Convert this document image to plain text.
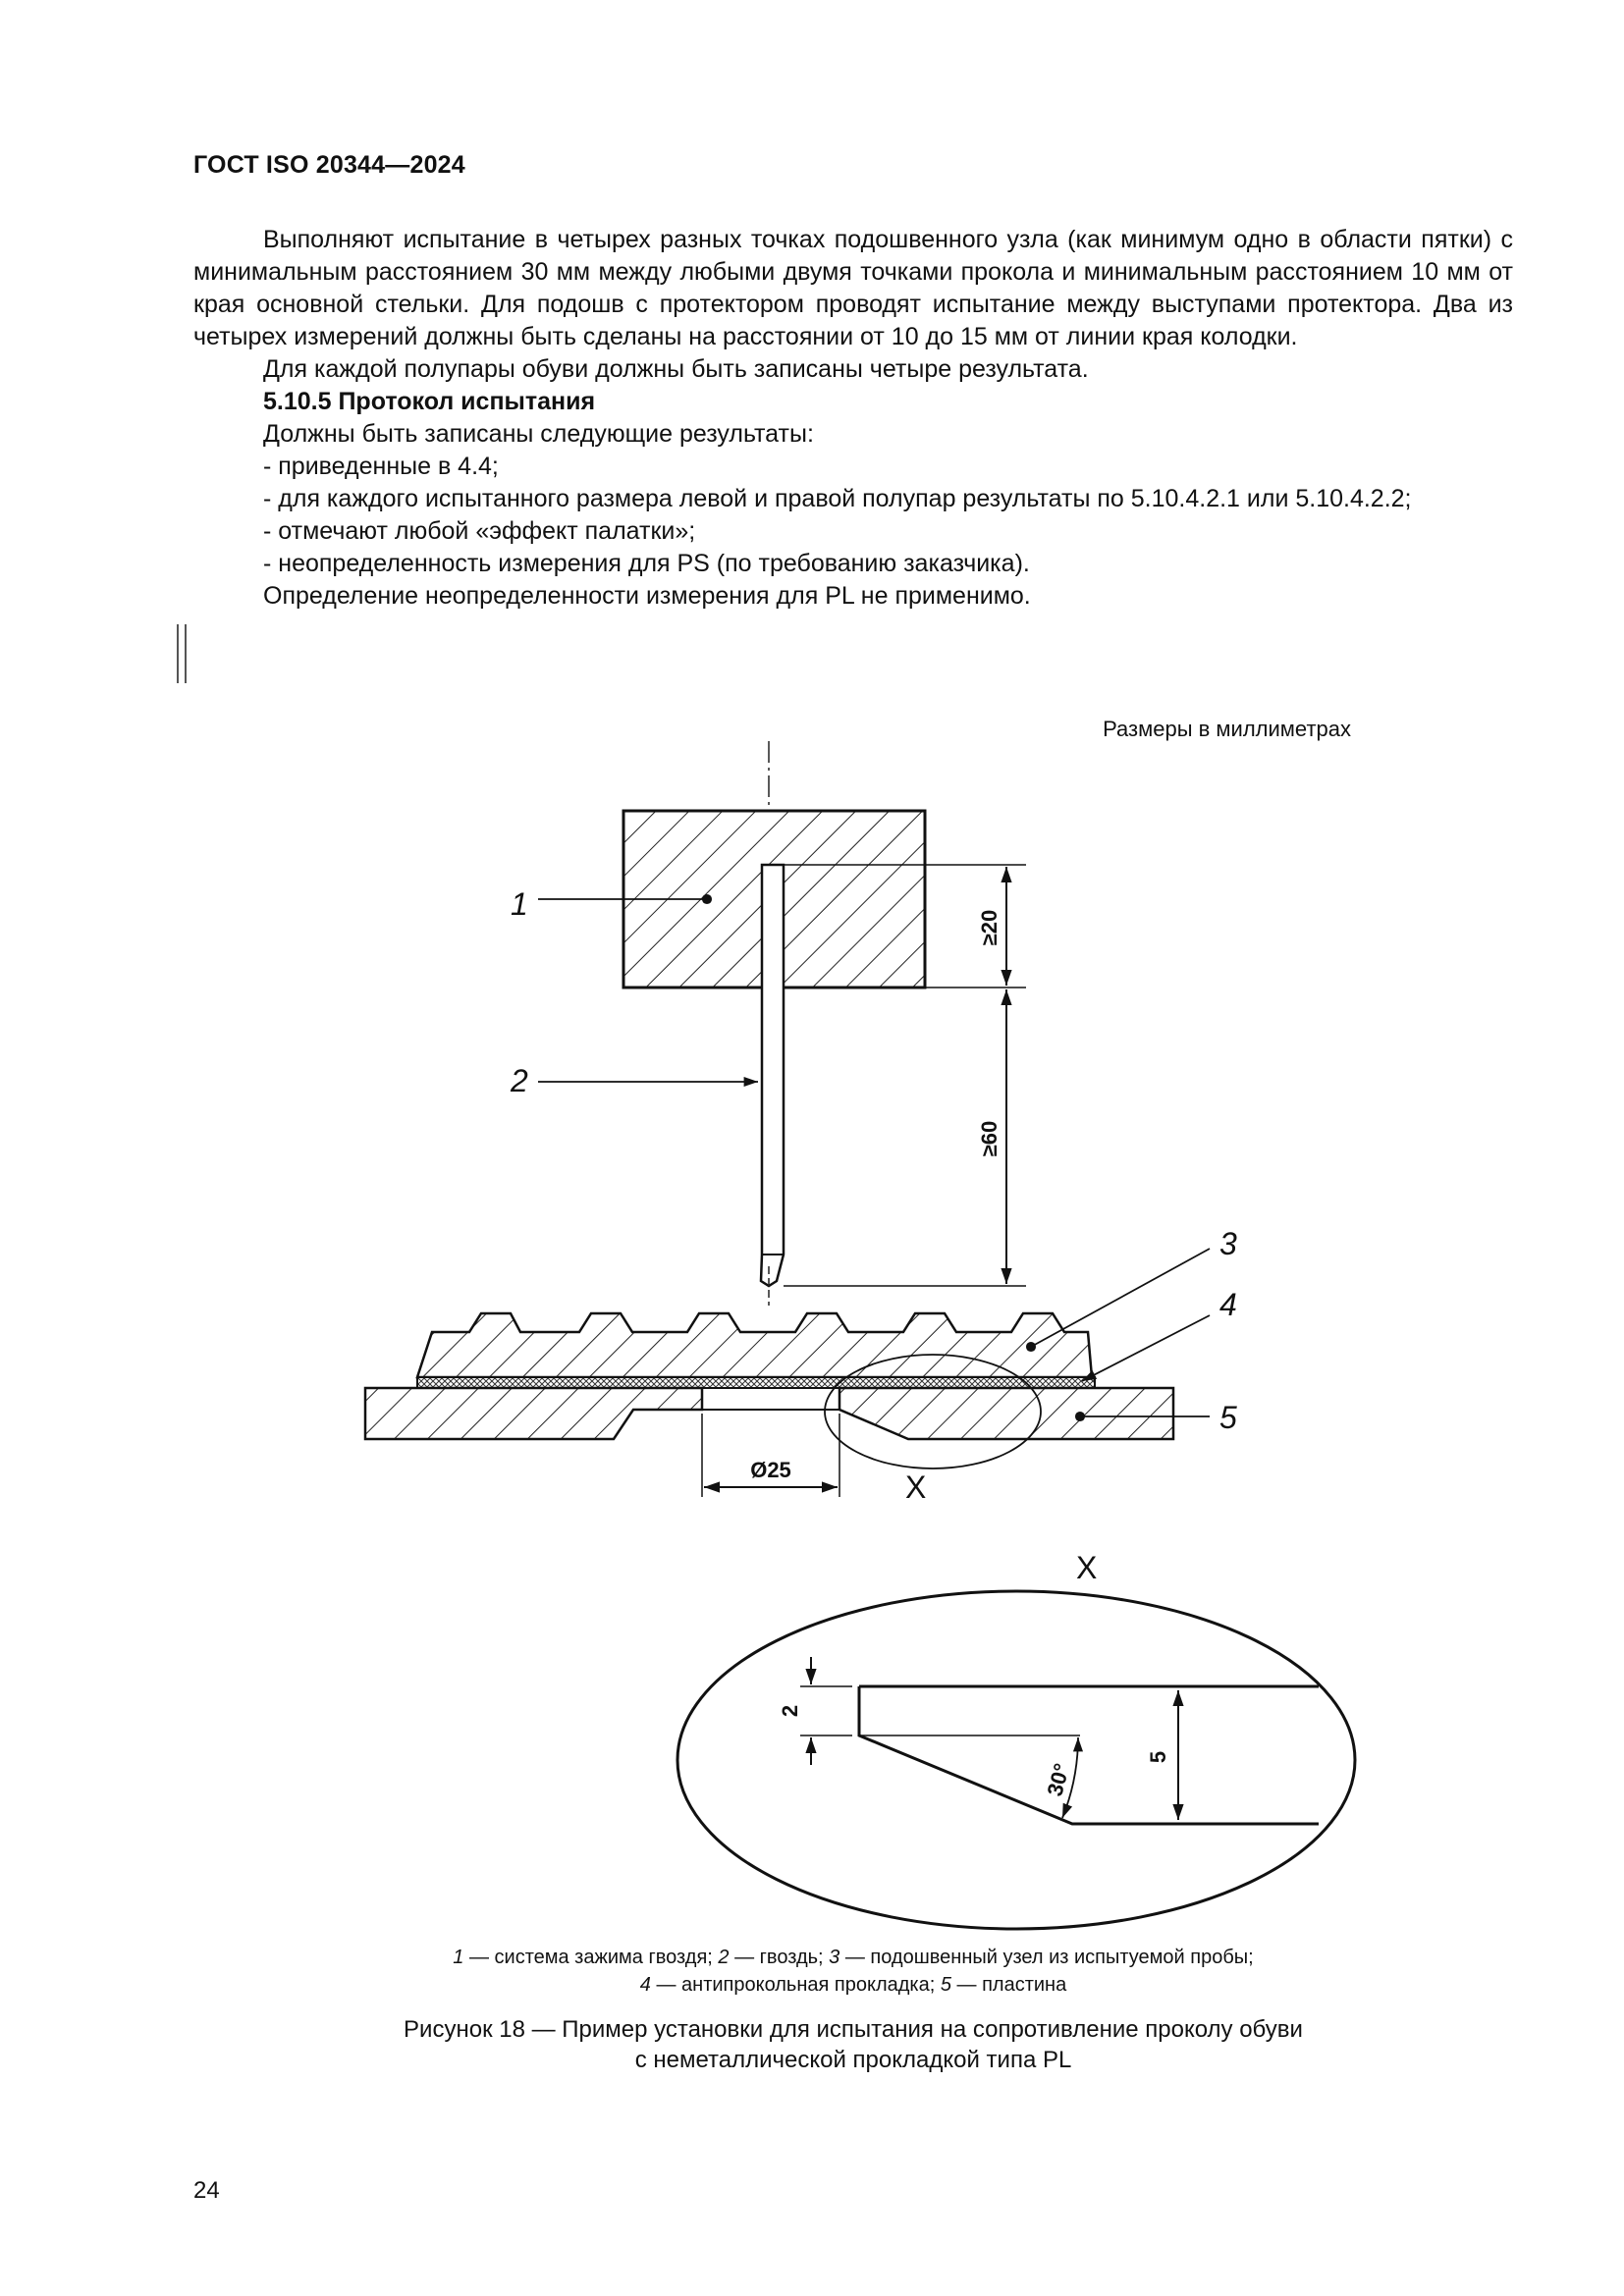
ГОСТ ISO 20344—2024

Выполняют испытание в четырех разных точках подошвенного узла (как минимум одно в области пятки) с минимальным расстоянием 30 мм между любыми двумя точками прокола и минимальным расстоянием 10 мм от края основной стельки. Для подошв с протектором проводят испытание между выступами протектора. Два из четырех измерений должны быть сделаны на расстоянии от 10 до 15 мм от линии края колодки.

Для каждой полупары обуви должны быть записаны четыре результата.

5.10.5 Протокол испытания

Должны быть записаны следующие результаты:

- приведенные в 4.4;

- для каждого испытанного размера левой и правой полупар результаты по 5.10.4.2.1 или 5.10.4.2.2;

- отмечают любой «эффект палатки»;

- неопределенность измерения для PS (по требованию заказчика).

Определение неопределенности измерения для PL не применимо.

Размеры в миллиметрах
≥20
≥60
1
2
X
Ø25
3
4
5
X
30°
2
5
1 — система зажима гвоздя; 2 — гвоздь; 3 — подошвенный узел из испытуемой пробы;
4 — антипрокольная прокладка; 5 — пластина
Рисунок 18 — Пример установки для испытания на сопротивление проколу обуви
с неметаллической прокладкой типа PL
24
